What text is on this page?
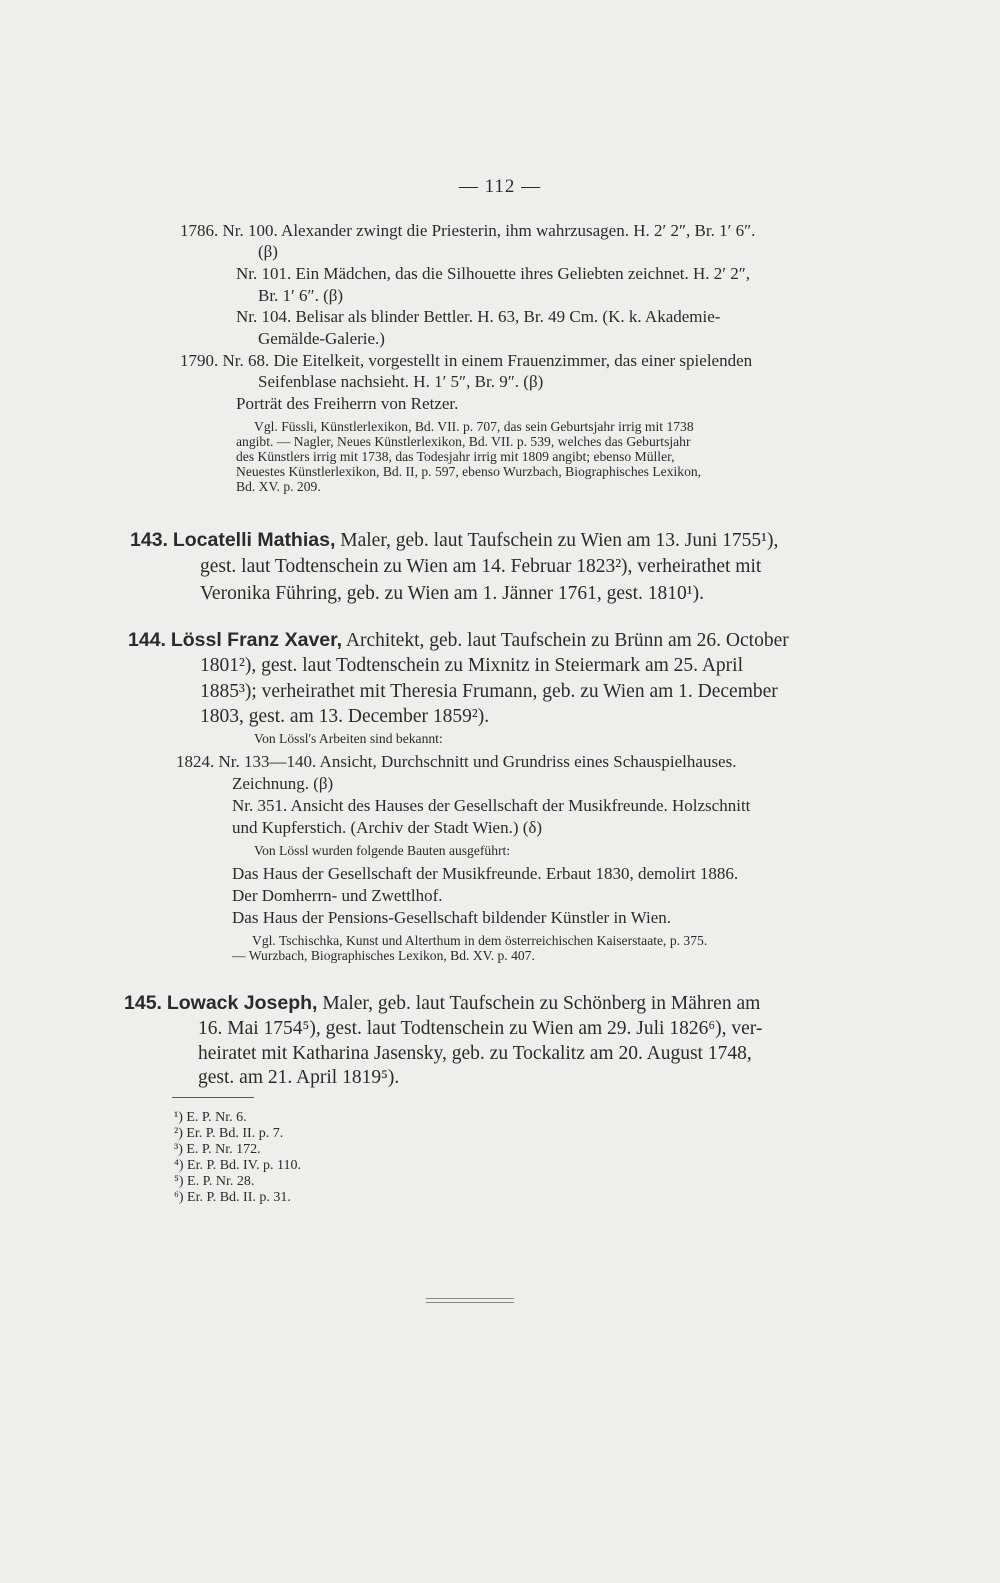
— 112 —
1786. Nr. 100. Alexander zwingt die Priesterin, ihm wahrzusagen. H. 2′ 2″, Br. 1′ 6″.
(β)
Nr. 101. Ein Mädchen, das die Silhouette ihres Geliebten zeichnet. H. 2′ 2″,
Br. 1′ 6″. (β)
Nr. 104. Belisar als blinder Bettler. H. 63, Br. 49 Cm. (K. k. Akademie-
Gemälde-Galerie.)
1790. Nr. 68. Die Eitelkeit, vorgestellt in einem Frauenzimmer, das einer spielenden
Seifenblase nachsieht. H. 1′ 5″, Br. 9″. (β)
Porträt des Freiherrn von Retzer.
Vgl. Füssli, Künstlerlexikon, Bd. VII. p. 707, das sein Geburtsjahr irrig mit 1738
angibt. — Nagler, Neues Künstlerlexikon, Bd. VII. p. 539, welches das Geburtsjahr
des Künstlers irrig mit 1738, das Todesjahr irrig mit 1809 angibt; ebenso Müller,
Neuestes Künstlerlexikon, Bd. II, p. 597, ebenso Wurzbach, Biographisches Lexikon,
Bd. XV. p. 209.
143. Locatelli Mathias, Maler, geb. laut Taufschein zu Wien am 13. Juni 1755¹),
gest. laut Todtenschein zu Wien am 14. Februar 1823²), verheirathet mit
Veronika Führing, geb. zu Wien am 1. Jänner 1761, gest. 1810¹).
144. Lössl Franz Xaver, Architekt, geb. laut Taufschein zu Brünn am 26. October
1801²), gest. laut Todtenschein zu Mixnitz in Steiermark am 25. April
1885³); verheirathet mit Theresia Frumann, geb. zu Wien am 1. December
1803, gest. am 13. December 1859²).
Von Lössl's Arbeiten sind bekannt:
1824. Nr. 133—140. Ansicht, Durchschnitt und Grundriss eines Schauspielhauses.
Zeichnung. (β)
Nr. 351. Ansicht des Hauses der Gesellschaft der Musikfreunde. Holzschnitt
und Kupferstich. (Archiv der Stadt Wien.) (δ)
Von Lössl wurden folgende Bauten ausgeführt:
Das Haus der Gesellschaft der Musikfreunde. Erbaut 1830, demolirt 1886.
Der Domherrn- und Zwettlhof.
Das Haus der Pensions-Gesellschaft bildender Künstler in Wien.
Vgl. Tschischka, Kunst und Alterthum in dem österreichischen Kaiserstaate, p. 375.
— Wurzbach, Biographisches Lexikon, Bd. XV. p. 407.
145. Lowack Joseph, Maler, geb. laut Taufschein zu Schönberg in Mähren am
16. Mai 1754⁵), gest. laut Todtenschein zu Wien am 29. Juli 1826⁶), ver-
heiratet mit Katharina Jasensky, geb. zu Tockalitz am 20. August 1748,
gest. am 21. April 1819⁵).
¹) E. P. Nr. 6.
²) Er. P. Bd. II. p. 7.
³) E. P. Nr. 172.
⁴) Er. P. Bd. IV. p. 110.
⁵) E. P. Nr. 28.
⁶) Er. P. Bd. II. p. 31.
